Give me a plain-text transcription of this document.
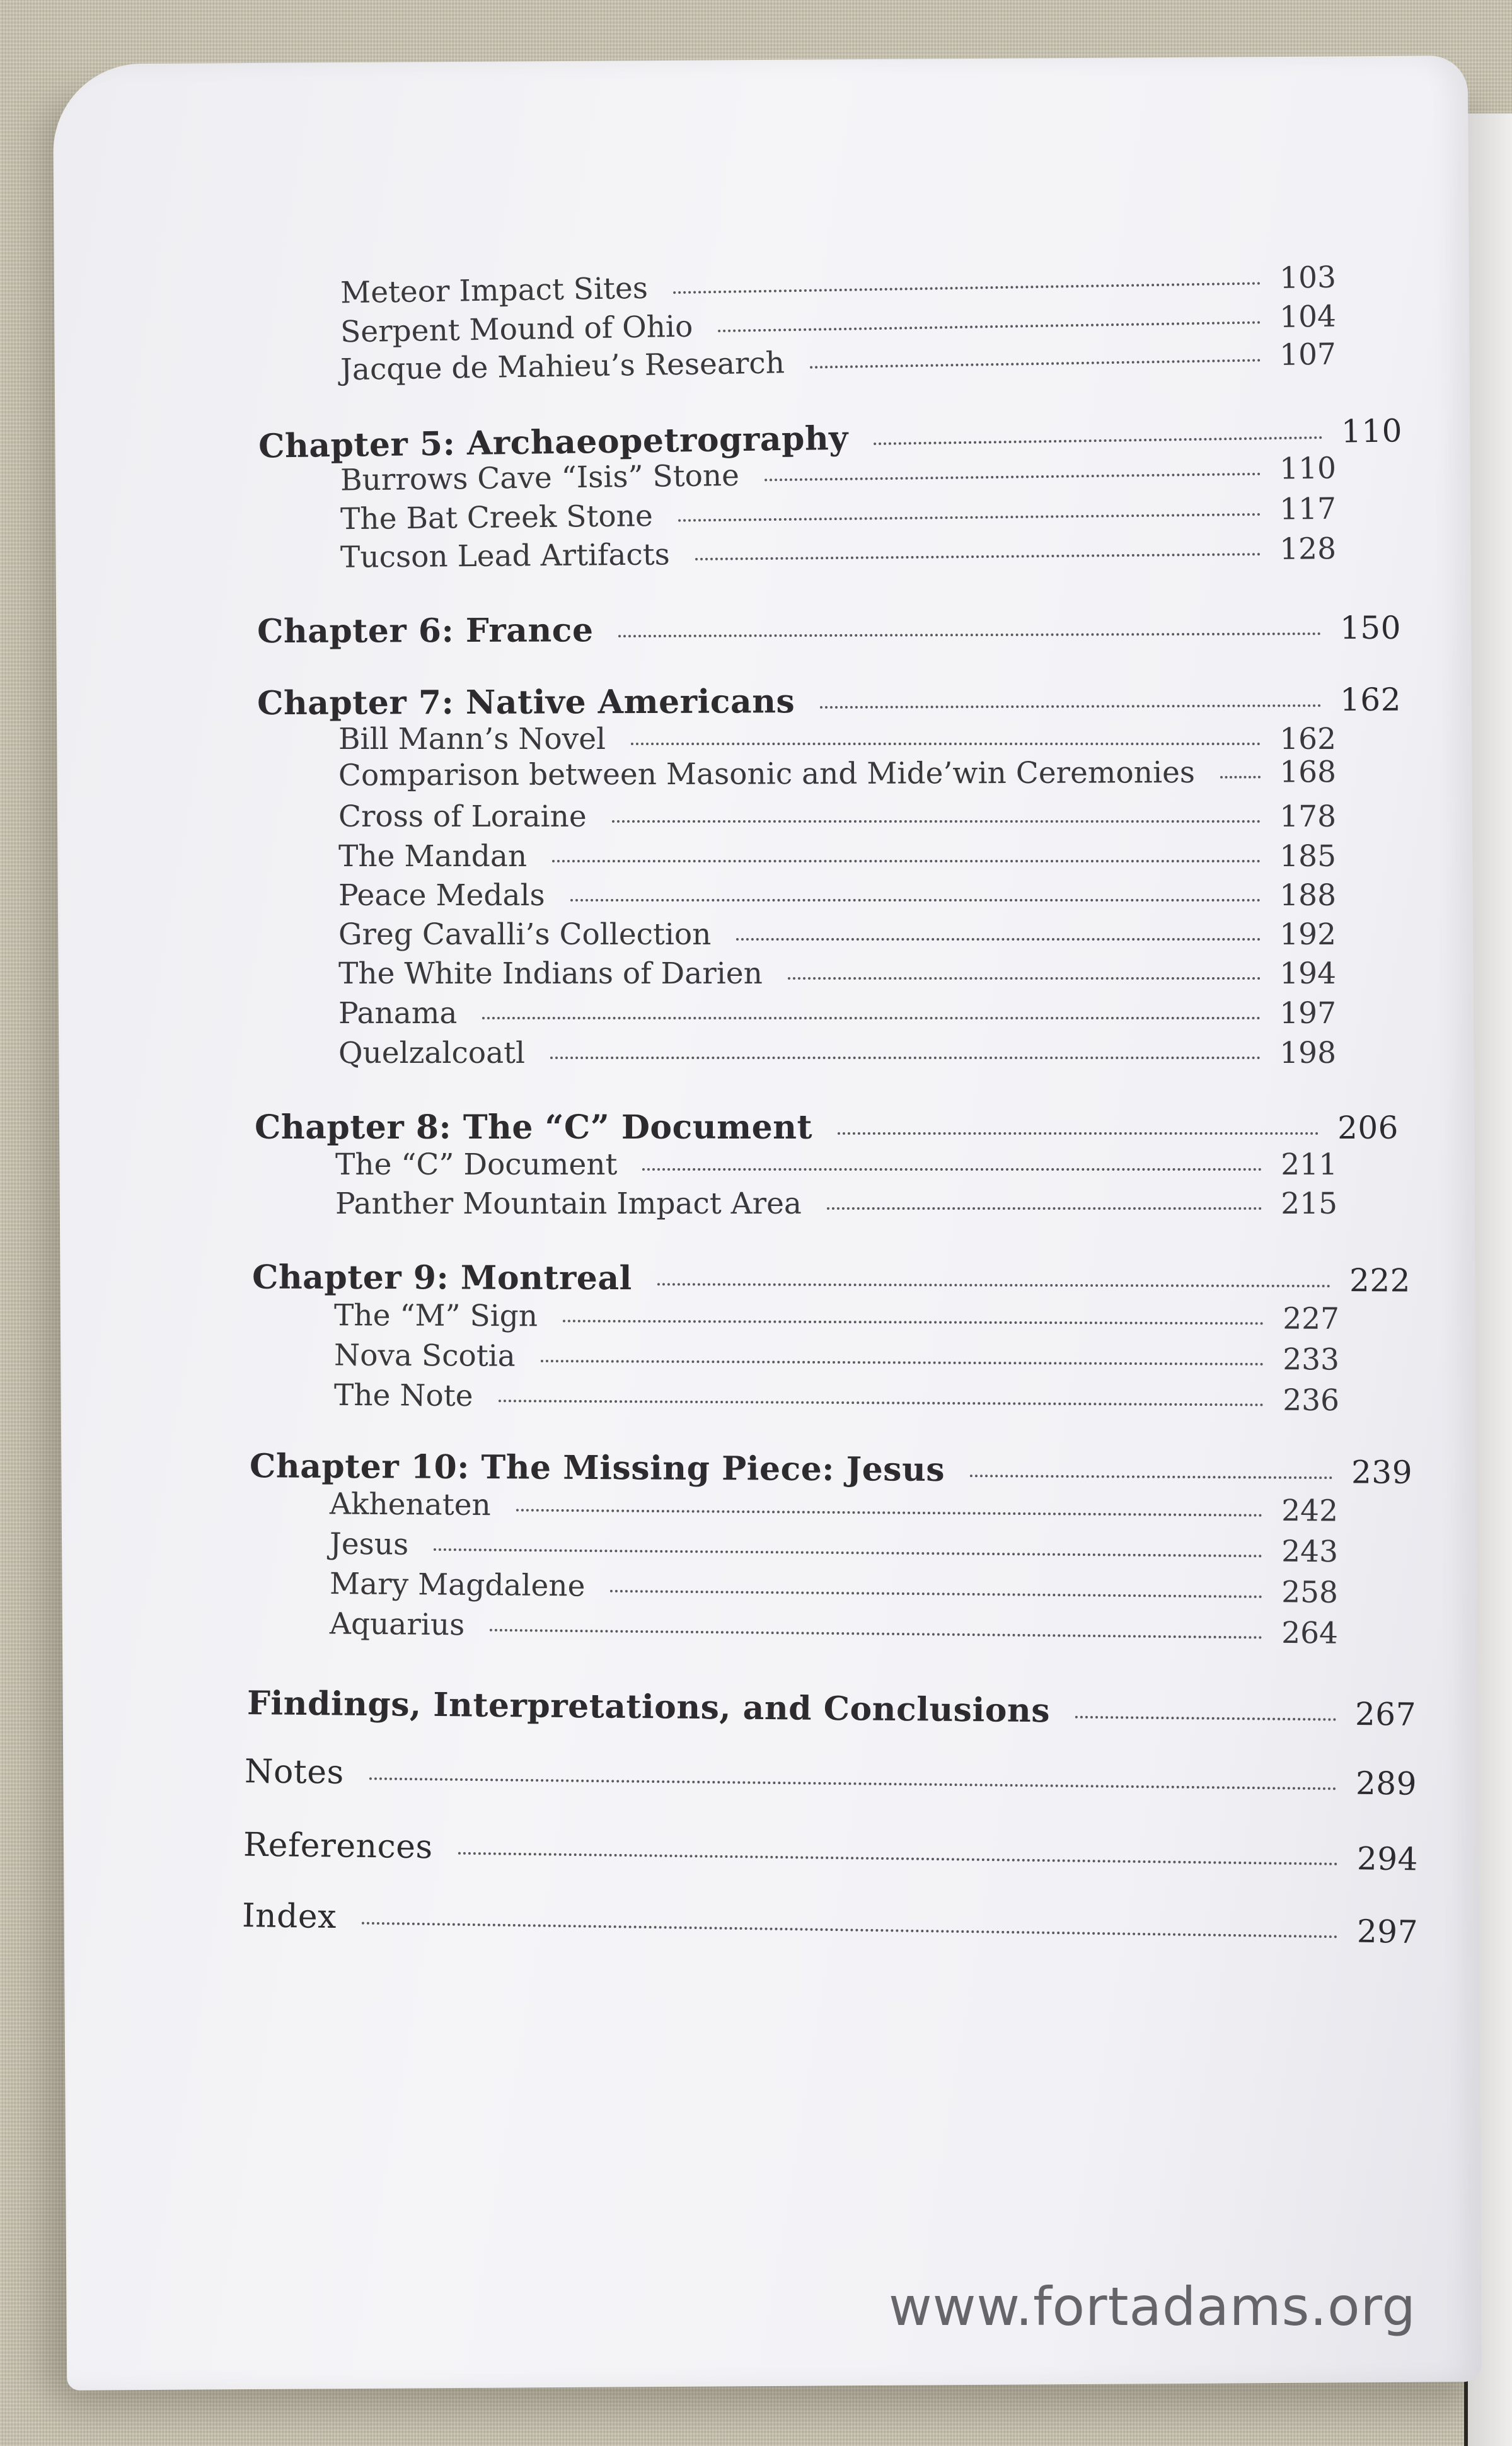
Meteor Impact Sites	103
Serpent Mound of Ohio	104
Jacque de Mahieu’s Research	107
Chapter 5: Archaeopetrography	110
Burrows Cave “Isis” Stone	110
The Bat Creek Stone	117
Tucson Lead Artifacts	128
Chapter 6: France	150
Chapter 7: Native Americans	162
Bill Mann’s Novel	162
Comparison between Masonic and Mide’win Ceremonies	168
Cross of Loraine	178
The Mandan	185
Peace Medals	188
Greg Cavalli’s Collection	192
The White Indians of Darien	194
Panama	197
Quelzalcoatl	198
Chapter 8: The “C” Document	206
The “C” Document	211
Panther Mountain Impact Area	215
Chapter 9: Montreal	222
The “M” Sign	227
Nova Scotia	233
The Note	236
Chapter 10: The Missing Piece: Jesus	239
Akhenaten	242
Jesus	243
Mary Magdalene	258
Aquarius	264
Findings, Interpretations, and Conclusions	267
Notes	289
References	294
Index	297
www.fortadams.org
